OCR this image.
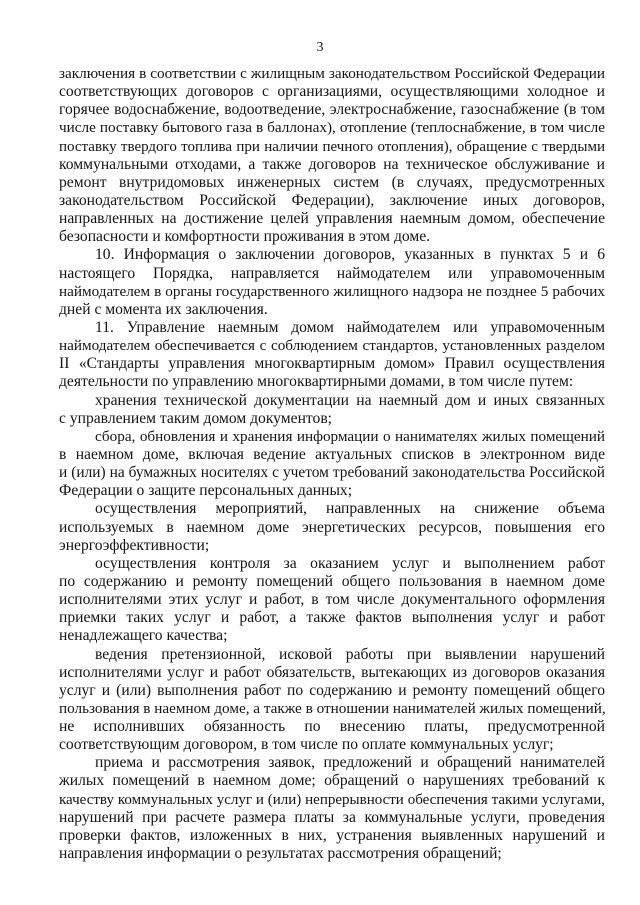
3
заключения в соответствии с жилищным законодательством Российской Федерации
соответствующих договоров с организациями, осуществляющими холодное и
горячее водоснабжение, водоотведение, электроснабжение, газоснабжение (в том
числе поставку бытового газа в баллонах), отопление (теплоснабжение, в том числе
поставку твердого топлива при наличии печного отопления), обращение с твердыми
коммунальными отходами, а также договоров на техническое обслуживание и
ремонт внутридомовых инженерных систем (в случаях, предусмотренных
законодательством Российской Федерации), заключение иных договоров,
направленных на достижение целей управления наемным домом, обеспечение
безопасности и комфортности проживания в этом доме.
10. Информация о заключении договоров, указанных в пунктах 5 и 6
настоящего Порядка, направляется наймодателем или управомоченным
наймодателем в органы государственного жилищного надзора не позднее 5 рабочих
дней с момента их заключения.
11. Управление наемным домом наймодателем или управомоченным
наймодателем обеспечивается с соблюдением стандартов, установленных разделом
II «Стандарты управления многоквартирным домом» Правил осуществления
деятельности по управлению многоквартирными домами, в том числе путем:
хранения технической документации на наемный дом и иных связанных
с управлением таким домом документов;
сбора, обновления и хранения информации о нанимателях жилых помещений
в наемном доме, включая ведение актуальных списков в электронном виде
и (или) на бумажных носителях с учетом требований законодательства Российской
Федерации о защите персональных данных;
осуществления мероприятий, направленных на снижение объема
используемых в наемном доме энергетических ресурсов, повышения его
энергоэффективности;
осуществления контроля за оказанием услуг и выполнением работ
по содержанию и ремонту помещений общего пользования в наемном доме
исполнителями этих услуг и работ, в том числе документального оформления
приемки таких услуг и работ, а также фактов выполнения услуг и работ
ненадлежащего качества;
ведения претензионной, исковой работы при выявлении нарушений
исполнителями услуг и работ обязательств, вытекающих из договоров оказания
услуг и (или) выполнения работ по содержанию и ремонту помещений общего
пользования в наемном доме, а также в отношении нанимателей жилых помещений,
не исполнивших обязанность по внесению платы, предусмотренной
соответствующим договором, в том числе по оплате коммунальных услуг;
приема и рассмотрения заявок, предложений и обращений нанимателей
жилых помещений в наемном доме; обращений о нарушениях требований к
качеству коммунальных услуг и (или) непрерывности обеспечения такими услугами,
нарушений при расчете размера платы за коммунальные услуги, проведения
проверки фактов, изложенных в них, устранения выявленных нарушений и
направления информации о результатах рассмотрения обращений;
